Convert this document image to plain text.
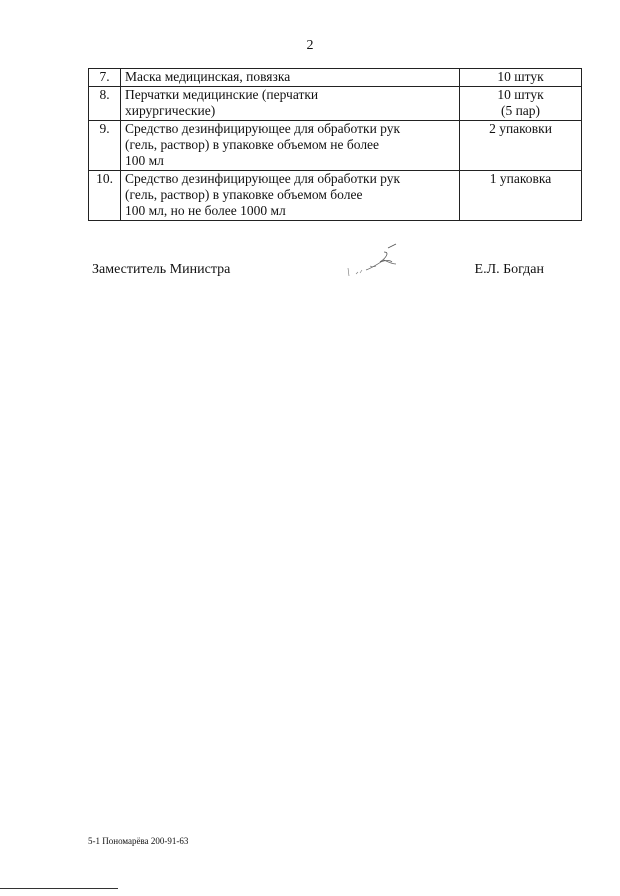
2
7.	Маска медицинская, повязка	10 штук

8.	Перчатки медицинские (перчатки
хирургические)	10 штук
(5 пар)

9.	Средство дезинфицирующее для обработки рук
(гель, раствор) в упаковке объемом не более
100 мл	2 упаковки

10.	Средство дезинфицирующее для обработки рук
(гель, раствор) в упаковке объемом более
100 мл, но не более 1000 мл	1 упаковка
Заместитель Министра	Е.Л. Богдан
5-1 Пономарёва 200-91-63
